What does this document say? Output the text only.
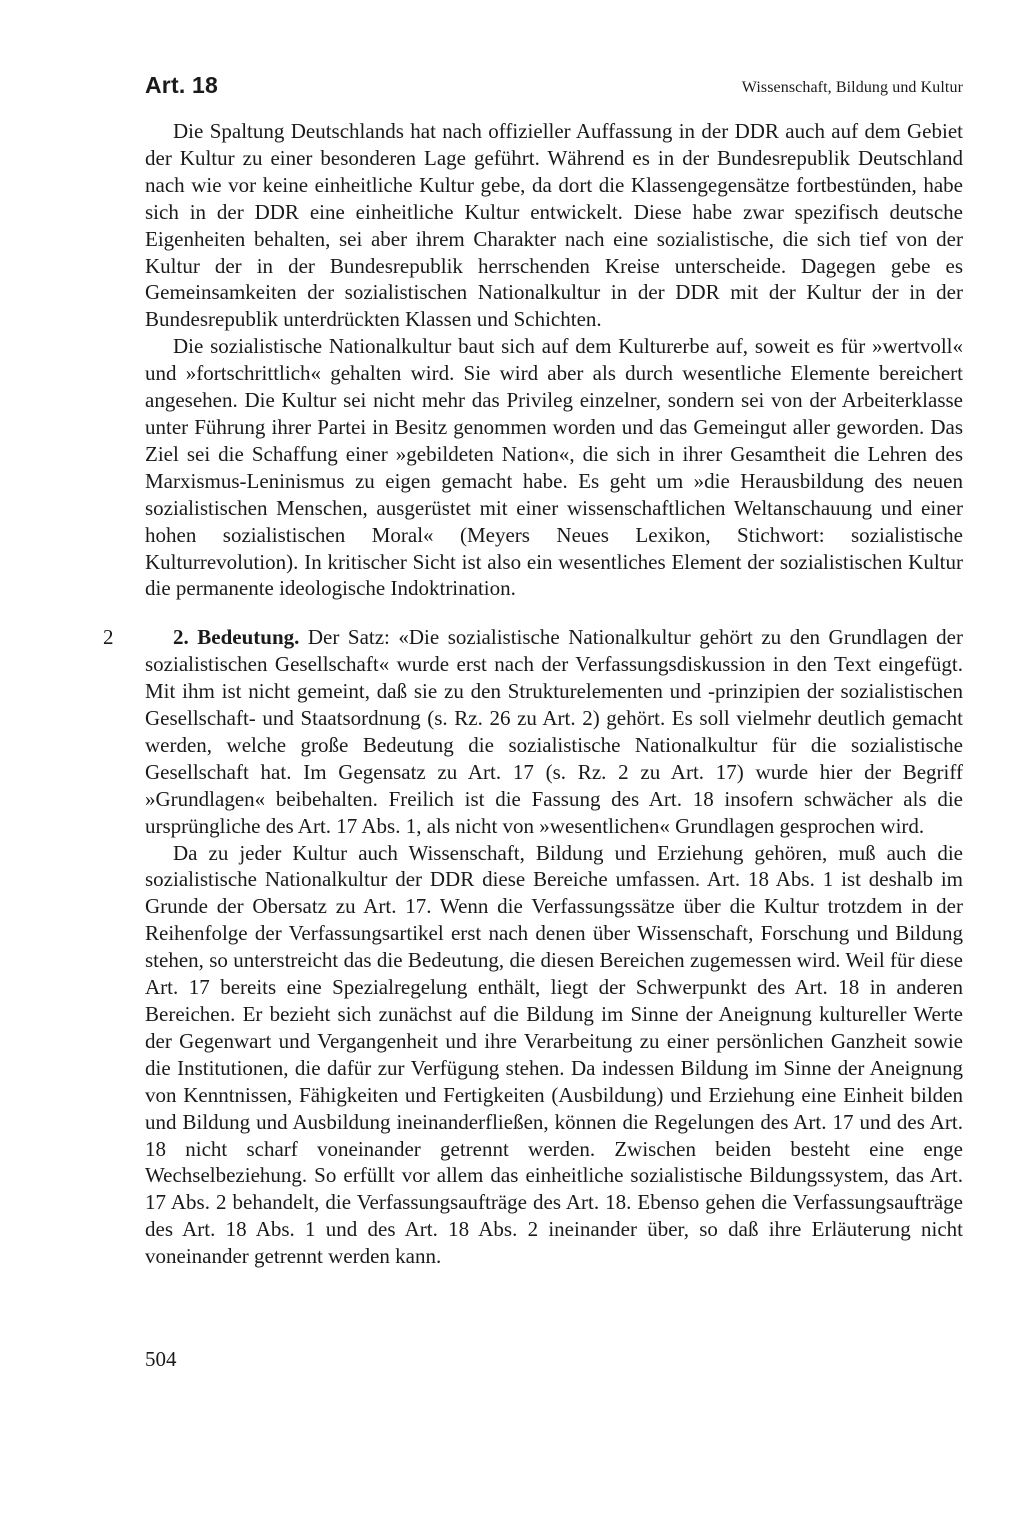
Art. 18	Wissenschaft, Bildung und Kultur

Die Spaltung Deutschlands hat nach offizieller Auffassung in der DDR auch auf dem Gebiet der Kultur zu einer besonderen Lage geführt. Während es in der Bundesrepublik Deutschland nach wie vor keine einheitliche Kultur gebe, da dort die Klassengegensätze fortbestünden, habe sich in der DDR eine einheitliche Kultur entwickelt. Diese habe zwar spezifisch deutsche Eigenheiten behalten, sei aber ihrem Charakter nach eine sozialistische, die sich tief von der Kultur der in der Bundesrepublik herrschenden Kreise unterscheide. Dagegen gebe es Gemeinsamkeiten der sozialistischen Nationalkultur in der DDR mit der Kultur der in der Bundesrepublik unterdrückten Klassen und Schichten.

Die sozialistische Nationalkultur baut sich auf dem Kulturerbe auf, soweit es für »wertvoll« und »fortschrittlich« gehalten wird. Sie wird aber als durch wesentliche Elemente bereichert angesehen. Die Kultur sei nicht mehr das Privileg einzelner, sondern sei von der Arbeiterklasse unter Führung ihrer Partei in Besitz genommen worden und das Gemeingut aller geworden. Das Ziel sei die Schaffung einer »gebildeten Nation«, die sich in ihrer Gesamtheit die Lehren des Marxismus-Leninismus zu eigen gemacht habe. Es geht um »die Herausbildung des neuen sozialistischen Menschen, ausgerüstet mit einer wissenschaftlichen Weltanschauung und einer hohen sozialistischen Moral« (Meyers Neues Lexikon, Stichwort: sozialistische Kulturrevolution). In kritischer Sicht ist also ein wesentliches Element der sozialistischen Kultur die permanente ideologische Indoktrination.

2	2. Bedeutung. Der Satz: «Die sozialistische Nationalkultur gehört zu den Grundlagen der sozialistischen Gesellschaft« wurde erst nach der Verfassungsdiskussion in den Text eingefügt. Mit ihm ist nicht gemeint, daß sie zu den Strukturelementen und -prinzipien der sozialistischen Gesellschaft- und Staatsordnung (s. Rz. 26 zu Art. 2) gehört. Es soll vielmehr deutlich gemacht werden, welche große Bedeutung die sozialistische Nationalkultur für die sozialistische Gesellschaft hat. Im Gegensatz zu Art. 17 (s. Rz. 2 zu Art. 17) wurde hier der Begriff »Grundlagen« beibehalten. Freilich ist die Fassung des Art. 18 insofern schwächer als die ursprüngliche des Art. 17 Abs. 1, als nicht von »wesentlichen« Grundlagen gesprochen wird.

Da zu jeder Kultur auch Wissenschaft, Bildung und Erziehung gehören, muß auch die sozialistische Nationalkultur der DDR diese Bereiche umfassen. Art. 18 Abs. 1 ist deshalb im Grunde der Obersatz zu Art. 17. Wenn die Verfassungssätze über die Kultur trotzdem in der Reihenfolge der Verfassungsartikel erst nach denen über Wissenschaft, Forschung und Bildung stehen, so unterstreicht das die Bedeutung, die diesen Bereichen zugemessen wird. Weil für diese Art. 17 bereits eine Spezialregelung enthält, liegt der Schwerpunkt des Art. 18 in anderen Bereichen. Er bezieht sich zunächst auf die Bildung im Sinne der Aneignung kultureller Werte der Gegenwart und Vergangenheit und ihre Verarbeitung zu einer persönlichen Ganzheit sowie die Institutionen, die dafür zur Verfügung stehen. Da indessen Bildung im Sinne der Aneignung von Kenntnissen, Fähigkeiten und Fertigkeiten (Ausbildung) und Erziehung eine Einheit bilden und Bildung und Ausbildung ineinanderfließen, können die Regelungen des Art. 17 und des Art. 18 nicht scharf voneinander getrennt werden. Zwischen beiden besteht eine enge Wechselbeziehung. So erfüllt vor allem das einheitliche sozialistische Bildungssystem, das Art. 17 Abs. 2 behandelt, die Verfassungsaufträge des Art. 18. Ebenso gehen die Verfassungsaufträge des Art. 18 Abs. 1 und des Art. 18 Abs. 2 ineinander über, so daß ihre Erläuterung nicht voneinander getrennt werden kann.

504
